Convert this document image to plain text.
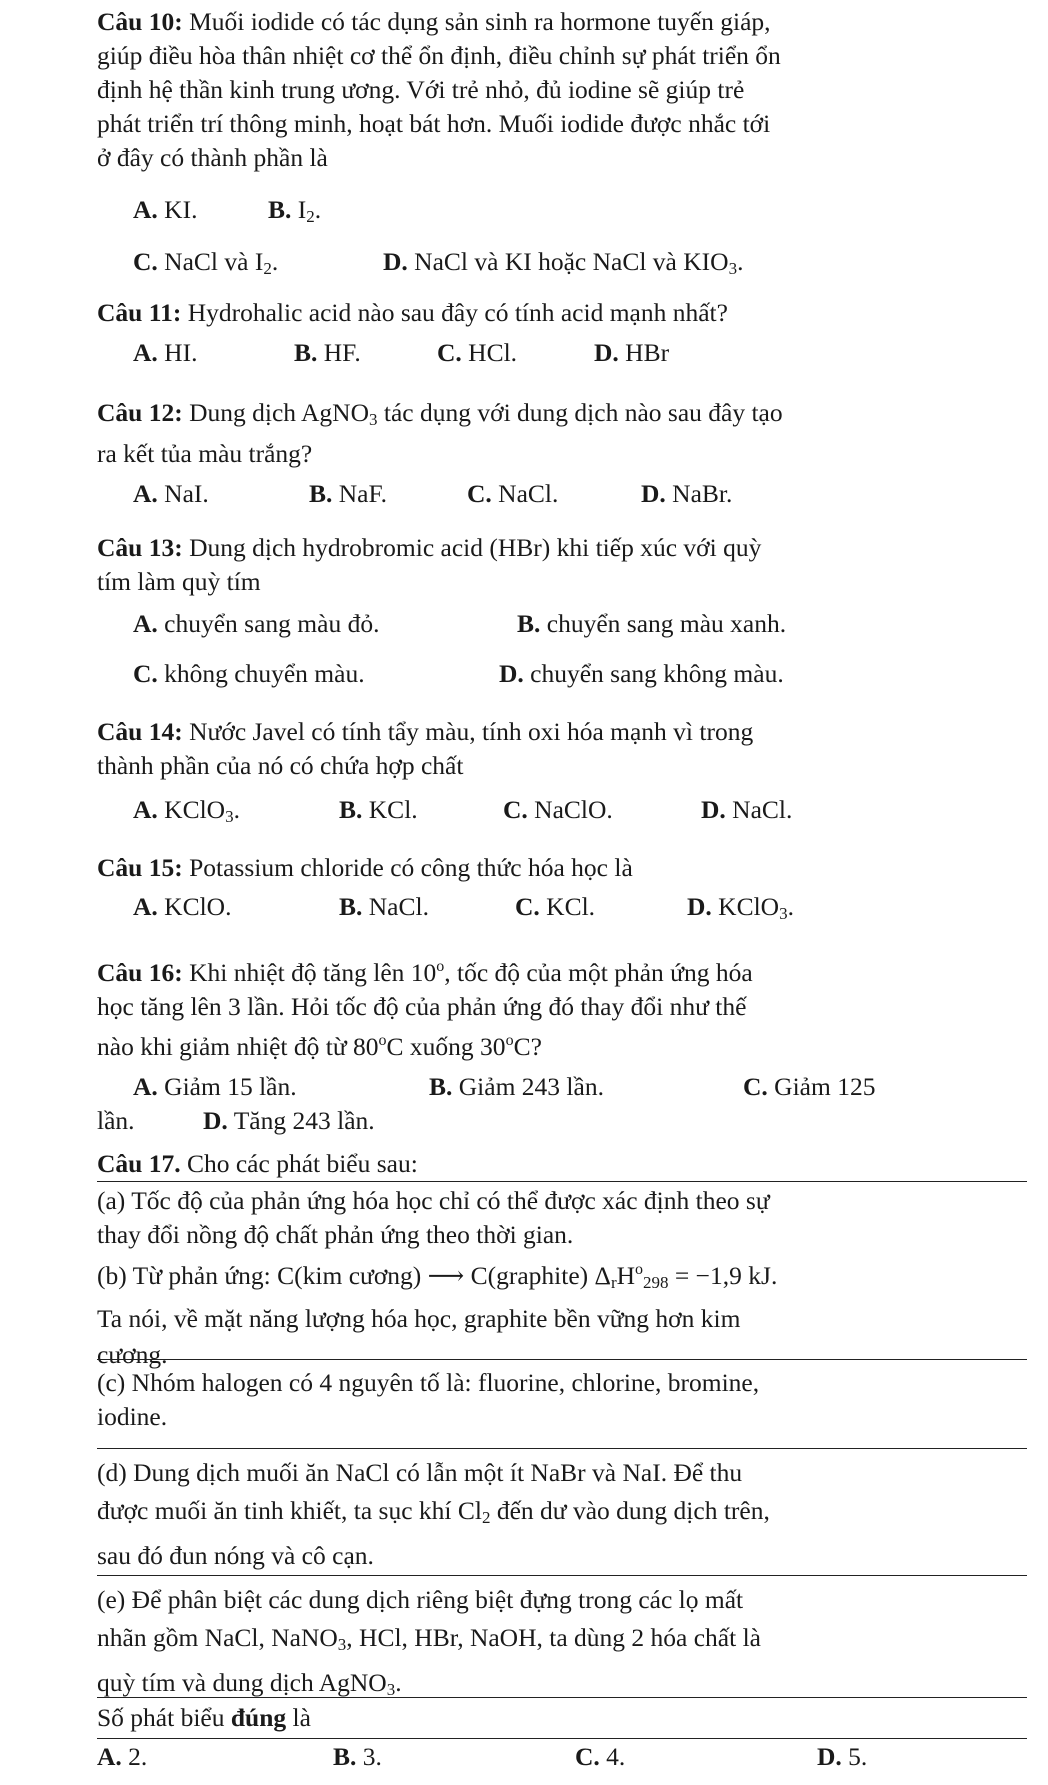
Câu 10: Muối iodide có tác dụng sản sinh ra hormone tuyến giáp,

giúp điều hòa thân nhiệt cơ thể ổn định, điều chỉnh sự phát triển ổn

định hệ thần kinh trung ương. Với trẻ nhỏ, đủ iodine sẽ giúp trẻ

phát triển trí thông minh, hoạt bát hơn. Muối iodide được nhắc tới

ở đây có thành phần là

A. KI.	B. $I_2$.
C. NaCl và $I_2$.	D. NaCl và KI hoặc NaCl và $KIO_3$.

Câu 11: Hydrohalic acid nào sau đây có tính acid mạnh nhất?

A. HI.	B. HF.	C. HCl.	D. HBr

Câu 12: Dung dịch AgNO$_3$ tác dụng với dung dịch nào sau đây tạo

ra kết tủa màu trắng?

A. NaI.	B. NaF.	C. NaCl.	D. NaBr.

Câu 13: Dung dịch hydrobromic acid (HBr) khi tiếp xúc với quỳ

tím làm quỳ tím

A. chuyển sang màu đỏ.	B. chuyển sang màu xanh.
C. không chuyển màu.	D. chuyển sang không màu.

Câu 14: Nước Javel có tính tẩy màu, tính oxi hóa mạnh vì trong

thành phần của nó có chứa hợp chất

A. KClO$_3$.	B. KCl.	C. NaClO.	D. NaCl.

Câu 15: Potassium chloride có công thức hóa học là

A. KClO.	B. NaCl.	C. KCl.	D. KClO$_3$.

Câu 16: Khi nhiệt độ tăng lên 10$^o$, tốc độ của một phản ứng hóa

học tăng lên 3 lần. Hỏi tốc độ của phản ứng đó thay đổi như thế

nào khi giảm nhiệt độ từ 80$^o$C xuống 30$^o$C?

A. Giảm 15 lần.	B. Giảm 243 lần.	C. Giảm 125
lần.	D. Tăng 243 lần.
Câu 17. Cho các phát biểu sau:
(a) Tốc độ của phản ứng hóa học chỉ có thể được xác định theo sự
thay đổi nồng độ chất phản ứng theo thời gian.
(b) Từ phản ứng: C(kim cương) ⟶ C(graphite) $\Delta_rH^o_{298} = -1,9$ kJ.
Ta nói, về mặt năng lượng hóa học, graphite bền vững hơn kim
cương.
(c) Nhóm halogen có 4 nguyên tố là: fluorine, chlorine, bromine,
iodine.
(d) Dung dịch muối ăn NaCl có lẫn một ít NaBr và NaI. Để thu
được muối ăn tinh khiết, ta sục khí $Cl_2$ đến dư vào dung dịch trên,
sau đó đun nóng và cô cạn.
(e) Để phân biệt các dung dịch riêng biệt đựng trong các lọ mất
nhãn gồm NaCl, NaNO$_3$, HCl, HBr, NaOH, ta dùng 2 hóa chất là
quỳ tím và dung dịch AgNO$_3$.
Số phát biểu đúng là
A. 2.	B. 3.	C. 4.	D. 5.
